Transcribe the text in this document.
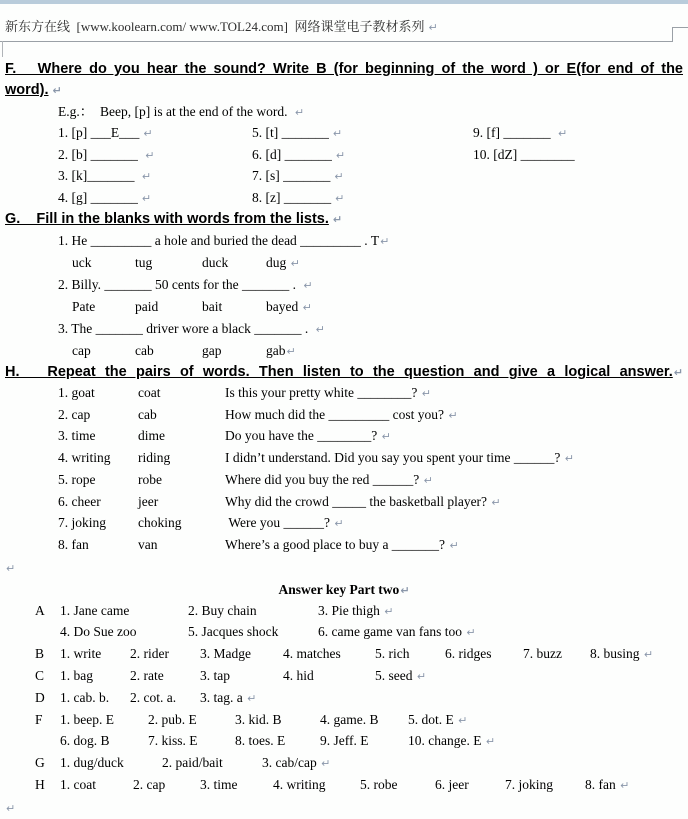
新东方在线  [www.koolearn.com/ www.TOL24.com]  网络课堂电子教材系列 ↵
F.   Where do you hear the sound? Write B (for beginning of the word ) or E(for end of the
word). ↵
E.g.：  Beep, [p] is at the end of the word. ↵
1. [p] ___E___ ↵
2. [b] _______ ↵
3. [k]_______ ↵
4. [g] _______ ↵
5. [t] _______ ↵
6. [d] _______ ↵
7. [s] _______ ↵
8. [z] _______ ↵
9. [f] _______ ↵
10. [dZ] ________
G.    Fill in the blanks with words from the lists. ↵
1. He _________ a hole and buried the dead _________ . T↵
uck	tug	duck	dug ↵
2. Billy. _______ 50 cents for the _______ . ↵
Pate	paid	bait	bayed ↵
3. The _______ driver wore a black _______ . ↵
cap	cab	gap	gab↵
H.   Repeat the pairs of words. Then listen to the question and give a logical answer.↵
1. goat	coat	Is this your pretty white ________? ↵
2. cap	cab	How much did the _________ cost you? ↵
3. time	dime	Do you have the ________? ↵
4. writing	riding	I didn’t understand. Did you say you spent your time ______? ↵
5. rope	robe	Where did you buy the red ______? ↵
6. cheer	jeer	Why did the crowd _____ the basketball player? ↵
7. joking	choking	Were you ______? ↵
8. fan	van	Where’s a good place to buy a _______? ↵
↵
Answer key Part two↵
A	1. Jane came	2. Buy chain	3. Pie thigh ↵
4. Do Sue zoo	5. Jacques shock	6. came game van fans too ↵
B	1. write	2. rider	3. Madge	4. matches	5. rich	6. ridges	7. buzz	8. busing ↵
C	1. bag	2. rate	3. tap	4. hid	5. seed ↵
D	1. cab. b.	2. cot. a.	3. tag. a ↵
F	1. beep. E	2. pub. E	3. kid. B	4. game. B	5. dot. E ↵
6. dog. B	7. kiss. E	8. toes. E	9. Jeff. E	10. change. E ↵
G	1. dug/duck	2. paid/bait	3. cab/cap ↵
H	1. coat	2. cap	3. time	4. writing	5. robe	6. jeer	7. joking	8. fan ↵
↵
